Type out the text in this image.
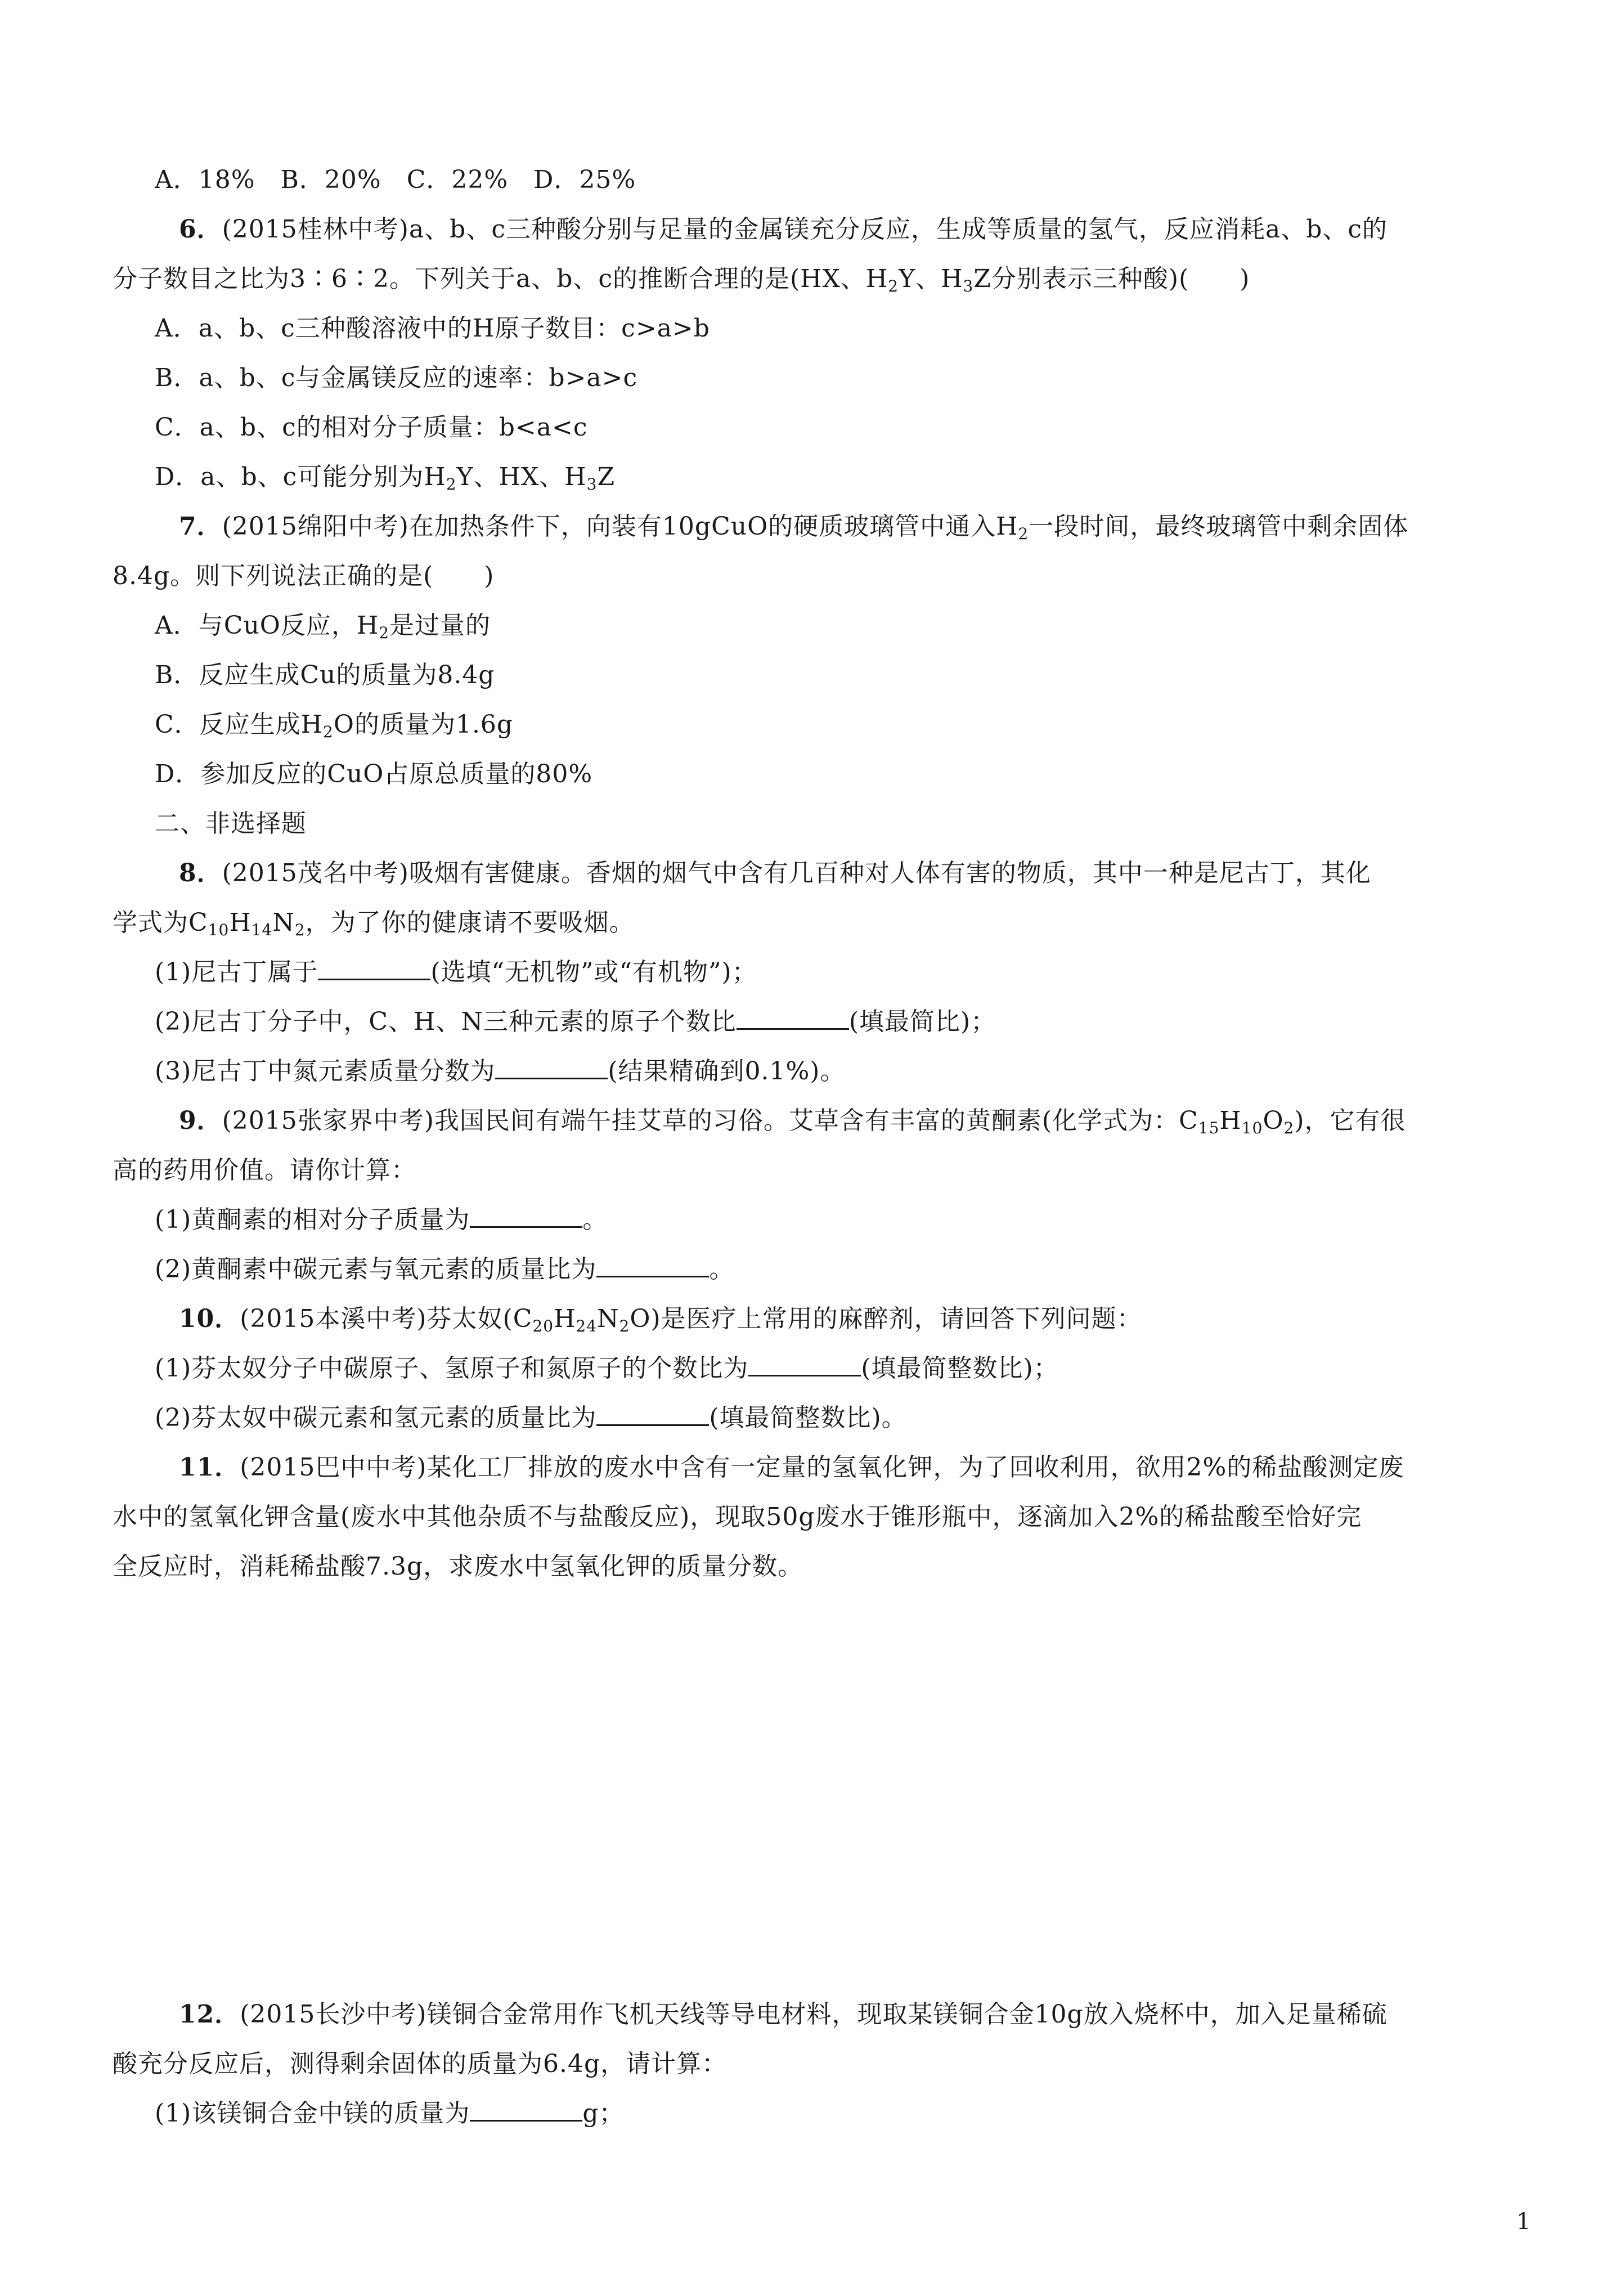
A．18%　B．20%　C．22%　D．25%
6．(2015桂林中考)a、b、c三种酸分别与足量的金属镁充分反应，生成等质量的氢气，反应消耗a、b、c的
分子数目之比为3∶6∶2。下列关于a、b、c的推断合理的是(HX、$H_2Y$、$H_3Z$分别表示三种酸)(　　)
A．a、b、c三种酸溶液中的H原子数目：c>a>b
B．a、b、c与金属镁反应的速率：b>a>c
C．a、b、c的相对分子质量：b<a<c
D．a、b、c可能分别为$H_2Y$、HX、$H_3Z$
7．(2015绵阳中考)在加热条件下，向装有10gCuO的硬质玻璃管中通入$H_2$一段时间，最终玻璃管中剩余固体
8.4g。则下列说法正确的是(　　)
A．与CuO反应，$H_2$是过量的
B．反应生成Cu的质量为8.4g
C．反应生成$H_2O$的质量为1.6g
D．参加反应的CuO占原总质量的80%
二、非选择题
8．(2015茂名中考)吸烟有害健康。香烟的烟气中含有几百种对人体有害的物质，其中一种是尼古丁，其化
学式为$C_{10}H_{14}N_2$，为了你的健康请不要吸烟。
(1)尼古丁属于	(选填“无机物”或“有机物”)；
(2)尼古丁分子中，C、H、N三种元素的原子个数比	(填最简比)；
(3)尼古丁中氮元素质量分数为	(结果精确到0.1%)。
9．(2015张家界中考)我国民间有端午挂艾草的习俗。艾草含有丰富的黄酮素(化学式为：$C_{15}H_{10}O_2$)，它有很
高的药用价值。请你计算：
(1)黄酮素的相对分子质量为	。
(2)黄酮素中碳元素与氧元素的质量比为	。
10．(2015本溪中考)芬太奴$(C_{20}H_{24}N_2O)$是医疗上常用的麻醉剂，请回答下列问题：
(1)芬太奴分子中碳原子、氢原子和氮原子的个数比为	(填最简整数比)；
(2)芬太奴中碳元素和氢元素的质量比为	(填最简整数比)。
11．(2015巴中中考)某化工厂排放的废水中含有一定量的氢氧化钾，为了回收利用，欲用2%的稀盐酸测定废
水中的氢氧化钾含量(废水中其他杂质不与盐酸反应)，现取50g废水于锥形瓶中，逐滴加入2%的稀盐酸至恰好完
全反应时，消耗稀盐酸7.3g，求废水中氢氧化钾的质量分数。
12．(2015长沙中考)镁铜合金常用作飞机天线等导电材料，现取某镁铜合金10g放入烧杯中，加入足量稀硫
酸充分反应后，测得剩余固体的质量为6.4g，请计算：
(1)该镁铜合金中镁的质量为	g；
1
